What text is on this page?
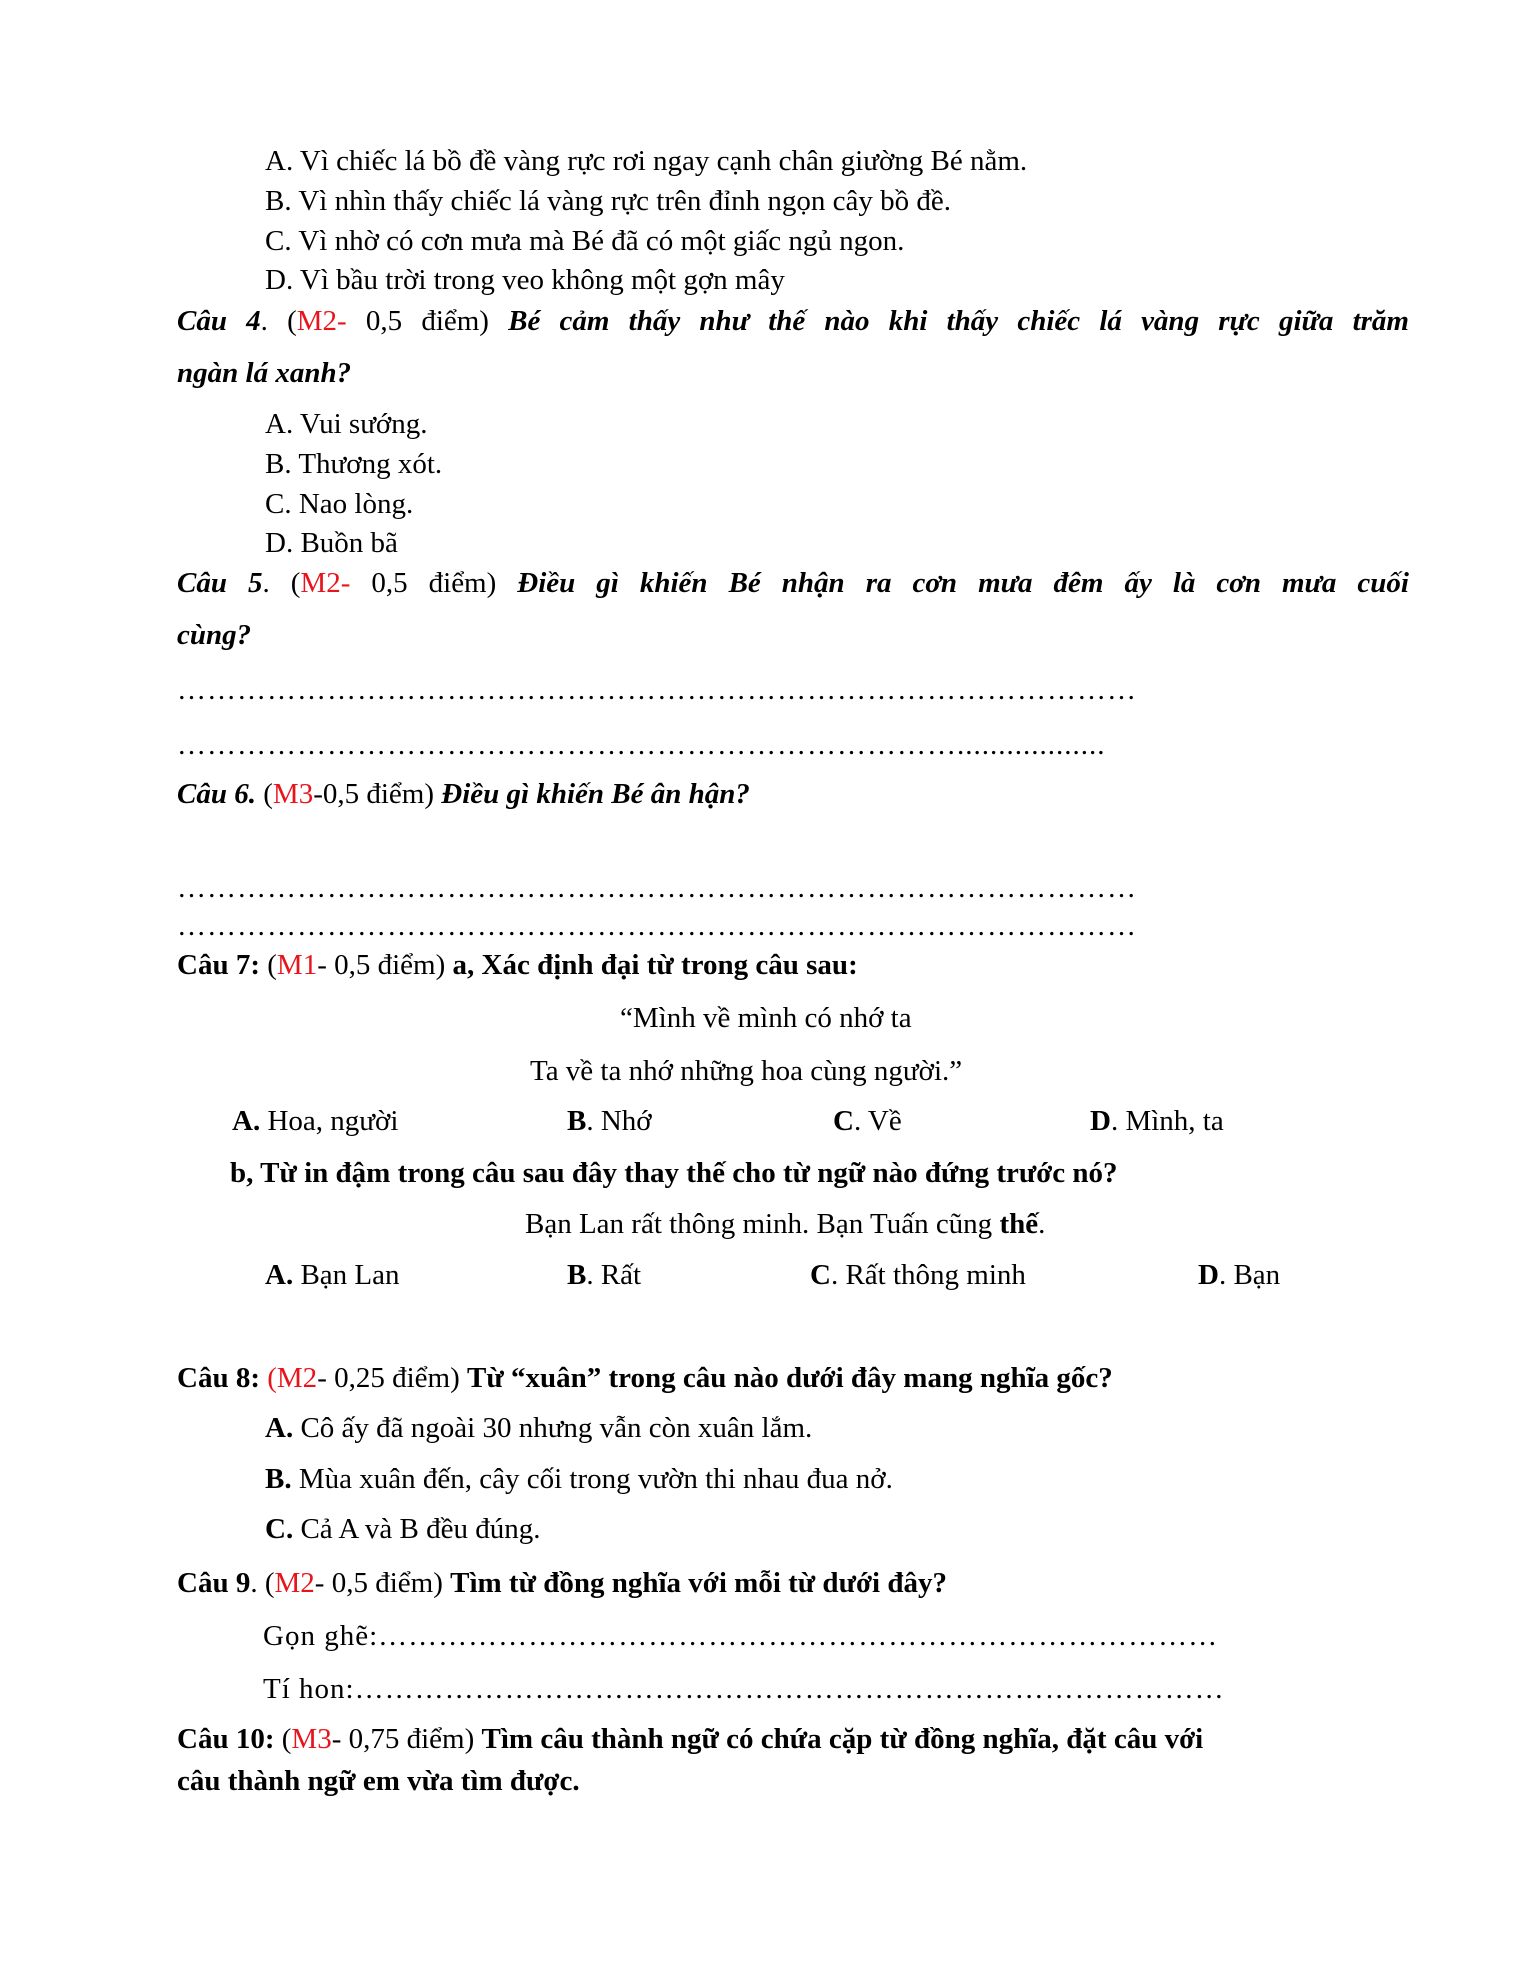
A. Vì chiếc lá bồ đề vàng rực rơi ngay cạnh chân giường Bé nằm.
B. Vì nhìn thấy chiếc lá vàng rực trên đỉnh ngọn cây bồ đề.
C. Vì nhờ có cơn mưa mà Bé đã có một giấc ngủ ngon.
D. Vì bầu trời trong veo không một gợn mây
Câu 4. (M2- 0,5 điểm) Bé cảm thấy như thế nào khi thấy chiếc lá vàng rực giữa trăm
ngàn lá xanh?
A. Vui sướng.
B. Thương xót.
C. Nao lòng.
D. Buồn bã
Câu 5. (M2- 0,5 điểm) Điều gì khiến Bé nhận ra cơn mưa đêm ấy là cơn mưa cuối
cùng?
……………………………………………………………………………………
……………………………………………………………………..................
Câu 6. (M3-0,5 điểm) Điều gì khiến Bé ân hận?
……………………………………………………………………………………
……………………………………………………………………………………
Câu 7: (M1- 0,5 điểm) a, Xác định đại từ trong câu sau:
“Mình về mình có nhớ ta
Ta về ta nhớ những hoa cùng người.”
A. Hoa, người	B. Nhớ	C. Về	D. Mình, ta
b, Từ in đậm trong câu sau đây thay thế cho từ ngữ nào đứng trước nó?
Bạn Lan rất thông minh. Bạn Tuấn cũng thế.
A. Bạn Lan	B. Rất	C. Rất thông minh	D. Bạn
Câu 8: (M2- 0,25 điểm) Từ “xuân” trong câu nào dưới đây mang nghĩa gốc?
A. Cô ấy đã ngoài 30 nhưng vẫn còn xuân lắm.
B. Mùa xuân đến, cây cối trong vườn thi nhau đua nở.
C. Cả A và B đều đúng.
Câu 9. (M2- 0,5 điểm) Tìm từ đồng nghĩa với mỗi từ dưới đây?
Gọn ghẽ:…………………………………………………………………………
Tí hon:……………………………………………………………………………
Câu 10: (M3- 0,75 điểm) Tìm câu thành ngữ có chứa cặp từ đồng nghĩa, đặt câu với
câu thành ngữ em vừa tìm được.
